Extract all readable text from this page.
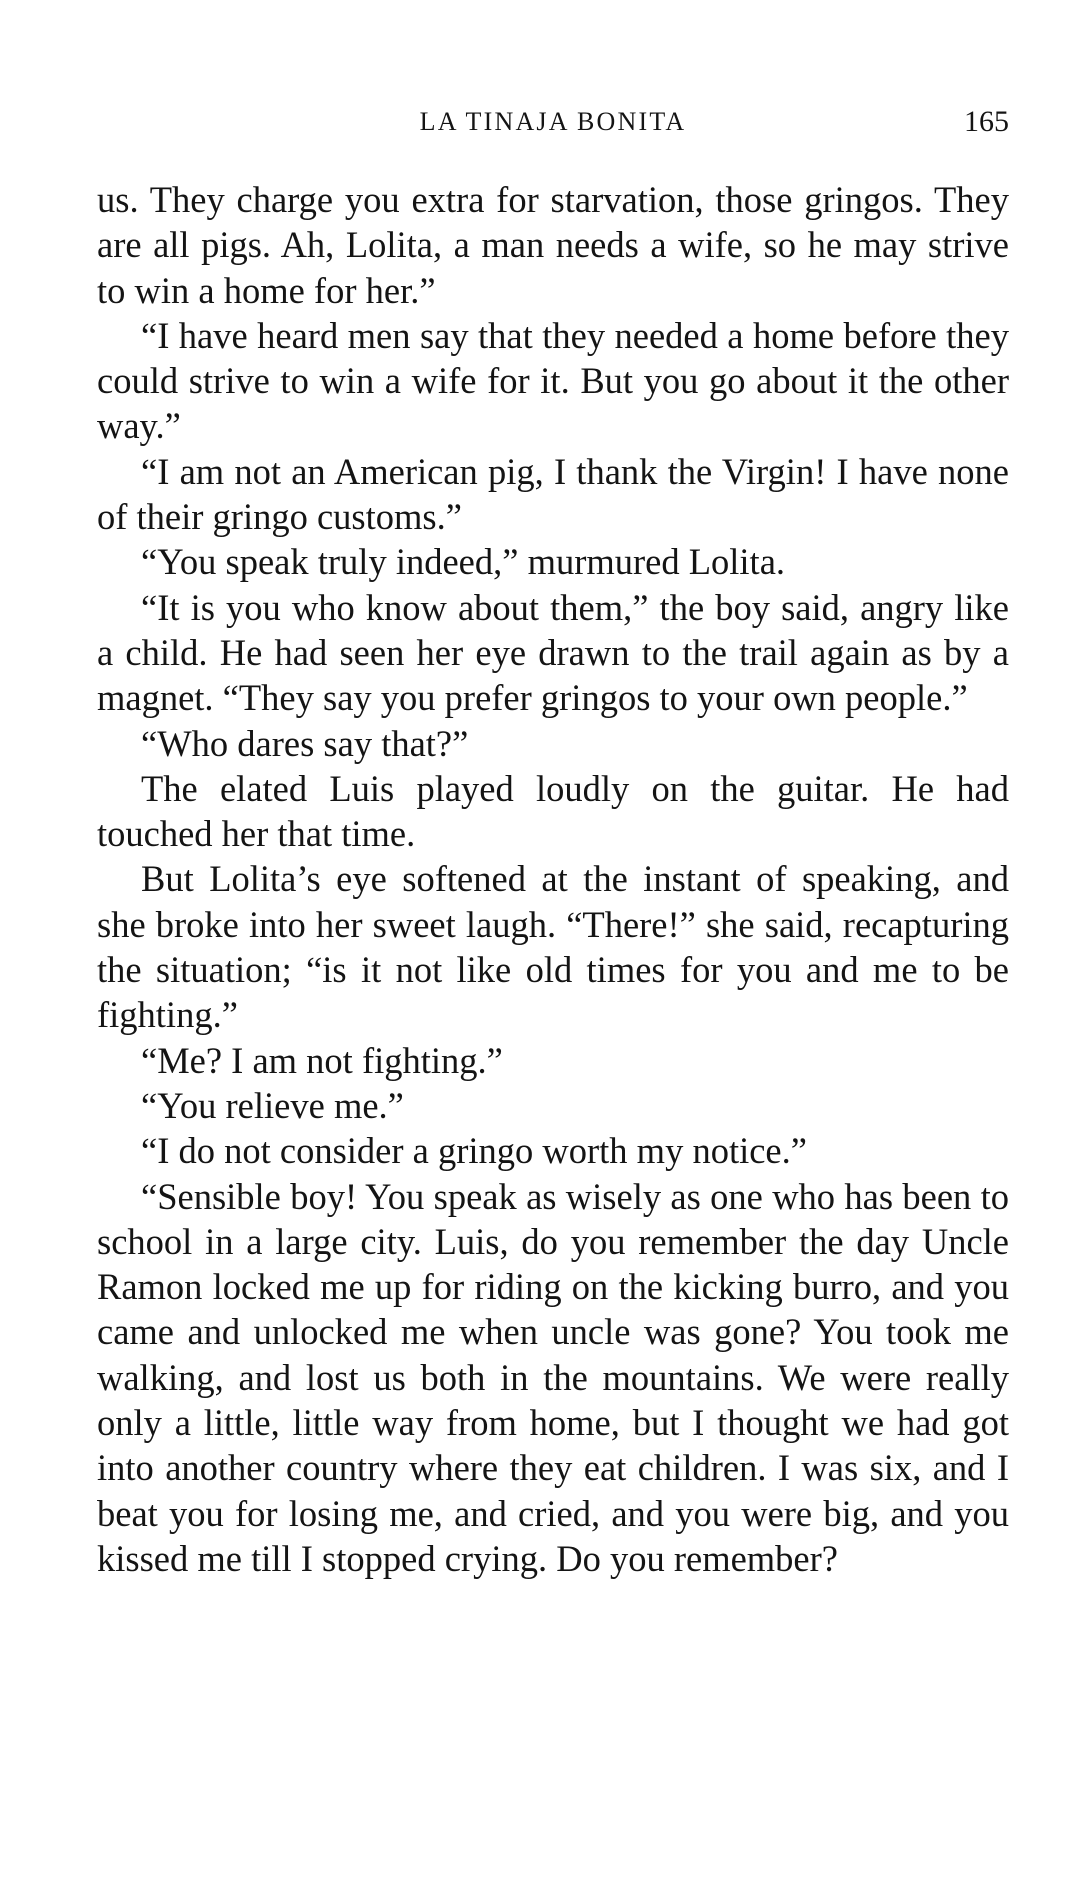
LA TINAJA BONITA	165

us. They charge you extra for starvation, those gringos. They are all pigs. Ah, Lolita, a man needs a wife, so he may strive to win a home for her.”

“I have heard men say that they needed a home before they could strive to win a wife for it. But you go about it the other way.”

“I am not an American pig, I thank the Virgin! I have none of their gringo customs.”

“You speak truly indeed,” murmured Lolita.

“It is you who know about them,” the boy said, angry like a child. He had seen her eye drawn to the trail again as by a magnet. “They say you prefer gringos to your own people.”

“Who dares say that?”

The elated Luis played loudly on the guitar. He had touched her that time.

But Lolita’s eye softened at the instant of speaking, and she broke into her sweet laugh. “There!” she said, recapturing the situation; “is it not like old times for you and me to be fighting.”

“Me? I am not fighting.”

“You relieve me.”

“I do not consider a gringo worth my notice.”

“Sensible boy! You speak as wisely as one who has been to school in a large city. Luis, do you remember the day Uncle Ramon locked me up for riding on the kicking burro, and you came and unlocked me when uncle was gone? You took me walking, and lost us both in the mountains. We were really only a little, little way from home, but I thought we had got into another country where they eat children. I was six, and I beat you for losing me, and cried, and you were big, and you kissed me till I stopped crying. Do you remember?
